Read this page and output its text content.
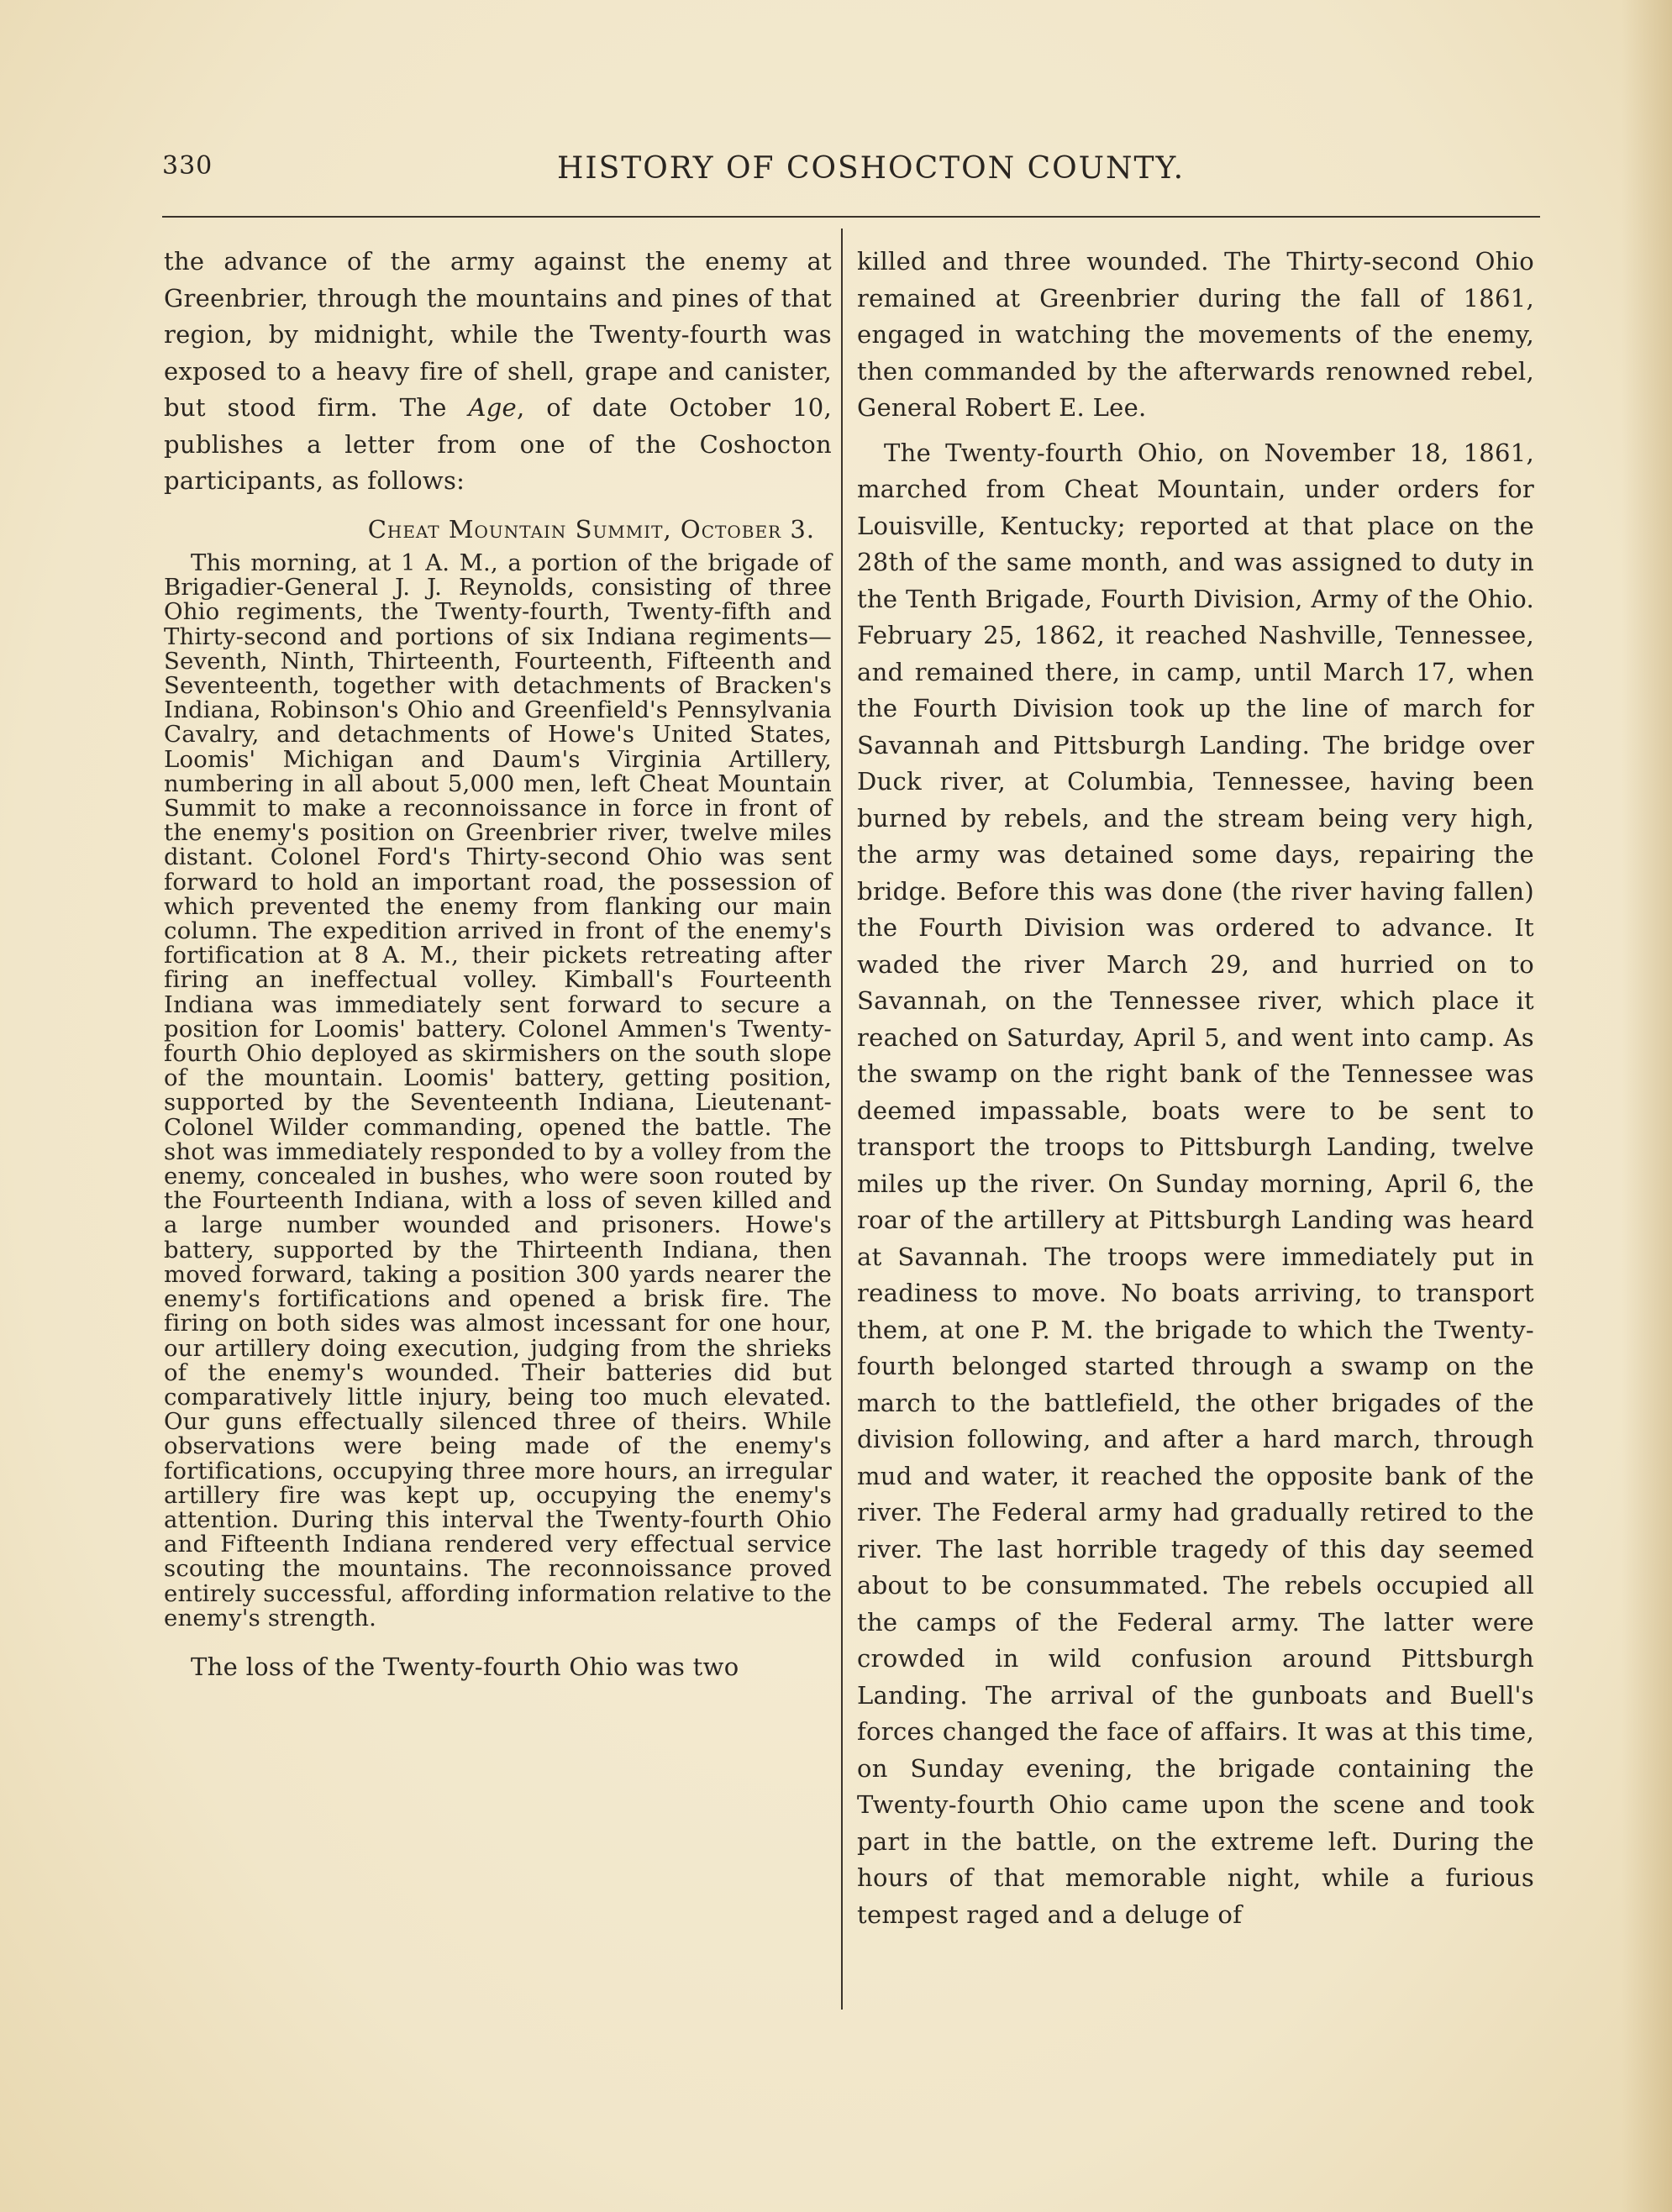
330	HISTORY OF COSHOCTON COUNTY.

the advance of the army against the enemy at Greenbrier, through the mountains and pines of that region, by midnight, while the Twenty-fourth was exposed to a heavy fire of shell, grape and canister, but stood firm. The Age, of date October 10, publishes a letter from one of the Coshocton participants, as follows:

Cheat Mountain Summit, October 3.

This morning, at 1 A. M., a portion of the brigade of Brigadier-General J. J. Reynolds, consisting of three Ohio regiments, the Twenty-fourth, Twenty-fifth and Thirty-second and portions of six Indiana regiments—Seventh, Ninth, Thirteenth, Fourteenth, Fifteenth and Seventeenth, together with detachments of Bracken's Indiana, Robinson's Ohio and Greenfield's Pennsylvania Cavalry, and detachments of Howe's United States, Loomis' Michigan and Daum's Virginia Artillery, numbering in all about 5,000 men, left Cheat Mountain Summit to make a reconnoissance in force in front of the enemy's position on Greenbrier river, twelve miles distant. Colonel Ford's Thirty-second Ohio was sent forward to hold an important road, the possession of which prevented the enemy from flanking our main column. The expedition arrived in front of the enemy's fortification at 8 A. M., their pickets retreating after firing an ineffectual volley. Kimball's Fourteenth Indiana was immediately sent forward to secure a position for Loomis' battery. Colonel Ammen's Twenty-fourth Ohio deployed as skirmishers on the south slope of the mountain. Loomis' battery, getting position, supported by the Seventeenth Indiana, Lieutenant-Colonel Wilder commanding, opened the battle. The shot was immediately responded to by a volley from the enemy, concealed in bushes, who were soon routed by the Fourteenth Indiana, with a loss of seven killed and a large number wounded and prisoners. Howe's battery, supported by the Thirteenth Indiana, then moved forward, taking a position 300 yards nearer the enemy's fortifications and opened a brisk fire. The firing on both sides was almost incessant for one hour, our artillery doing execution, judging from the shrieks of the enemy's wounded. Their batteries did but comparatively little injury, being too much elevated. Our guns effectually silenced three of theirs. While observations were being made of the enemy's fortifications, occupying three more hours, an irregular artillery fire was kept up, occupying the enemy's attention. During this interval the Twenty-fourth Ohio and Fifteenth Indiana rendered very effectual service scouting the mountains. The reconnoissance proved entirely successful, affording information relative to the enemy's strength.

The loss of the Twenty-fourth Ohio was two

killed and three wounded. The Thirty-second Ohio remained at Greenbrier during the fall of 1861, engaged in watching the movements of the enemy, then commanded by the afterwards renowned rebel, General Robert E. Lee.

The Twenty-fourth Ohio, on November 18, 1861, marched from Cheat Mountain, under orders for Louisville, Kentucky; reported at that place on the 28th of the same month, and was assigned to duty in the Tenth Brigade, Fourth Division, Army of the Ohio. February 25, 1862, it reached Nashville, Tennessee, and remained there, in camp, until March 17, when the Fourth Division took up the line of march for Savannah and Pittsburgh Landing. The bridge over Duck river, at Columbia, Tennessee, having been burned by rebels, and the stream being very high, the army was detained some days, repairing the bridge. Before this was done (the river having fallen) the Fourth Division was ordered to advance. It waded the river March 29, and hurried on to Savannah, on the Tennessee river, which place it reached on Saturday, April 5, and went into camp. As the swamp on the right bank of the Tennessee was deemed impassable, boats were to be sent to transport the troops to Pittsburgh Landing, twelve miles up the river. On Sunday morning, April 6, the roar of the artillery at Pittsburgh Landing was heard at Savannah. The troops were immediately put in readiness to move. No boats arriving, to transport them, at one P. M. the brigade to which the Twenty-fourth belonged started through a swamp on the march to the battlefield, the other brigades of the division following, and after a hard march, through mud and water, it reached the opposite bank of the river. The Federal army had gradually retired to the river. The last horrible tragedy of this day seemed about to be consummated. The rebels occupied all the camps of the Federal army. The latter were crowded in wild confusion around Pittsburgh Landing. The arrival of the gunboats and Buell's forces changed the face of affairs. It was at this time, on Sunday evening, the brigade containing the Twenty-fourth Ohio came upon the scene and took part in the battle, on the extreme left. During the hours of that memorable night, while a furious tempest raged and a deluge of
